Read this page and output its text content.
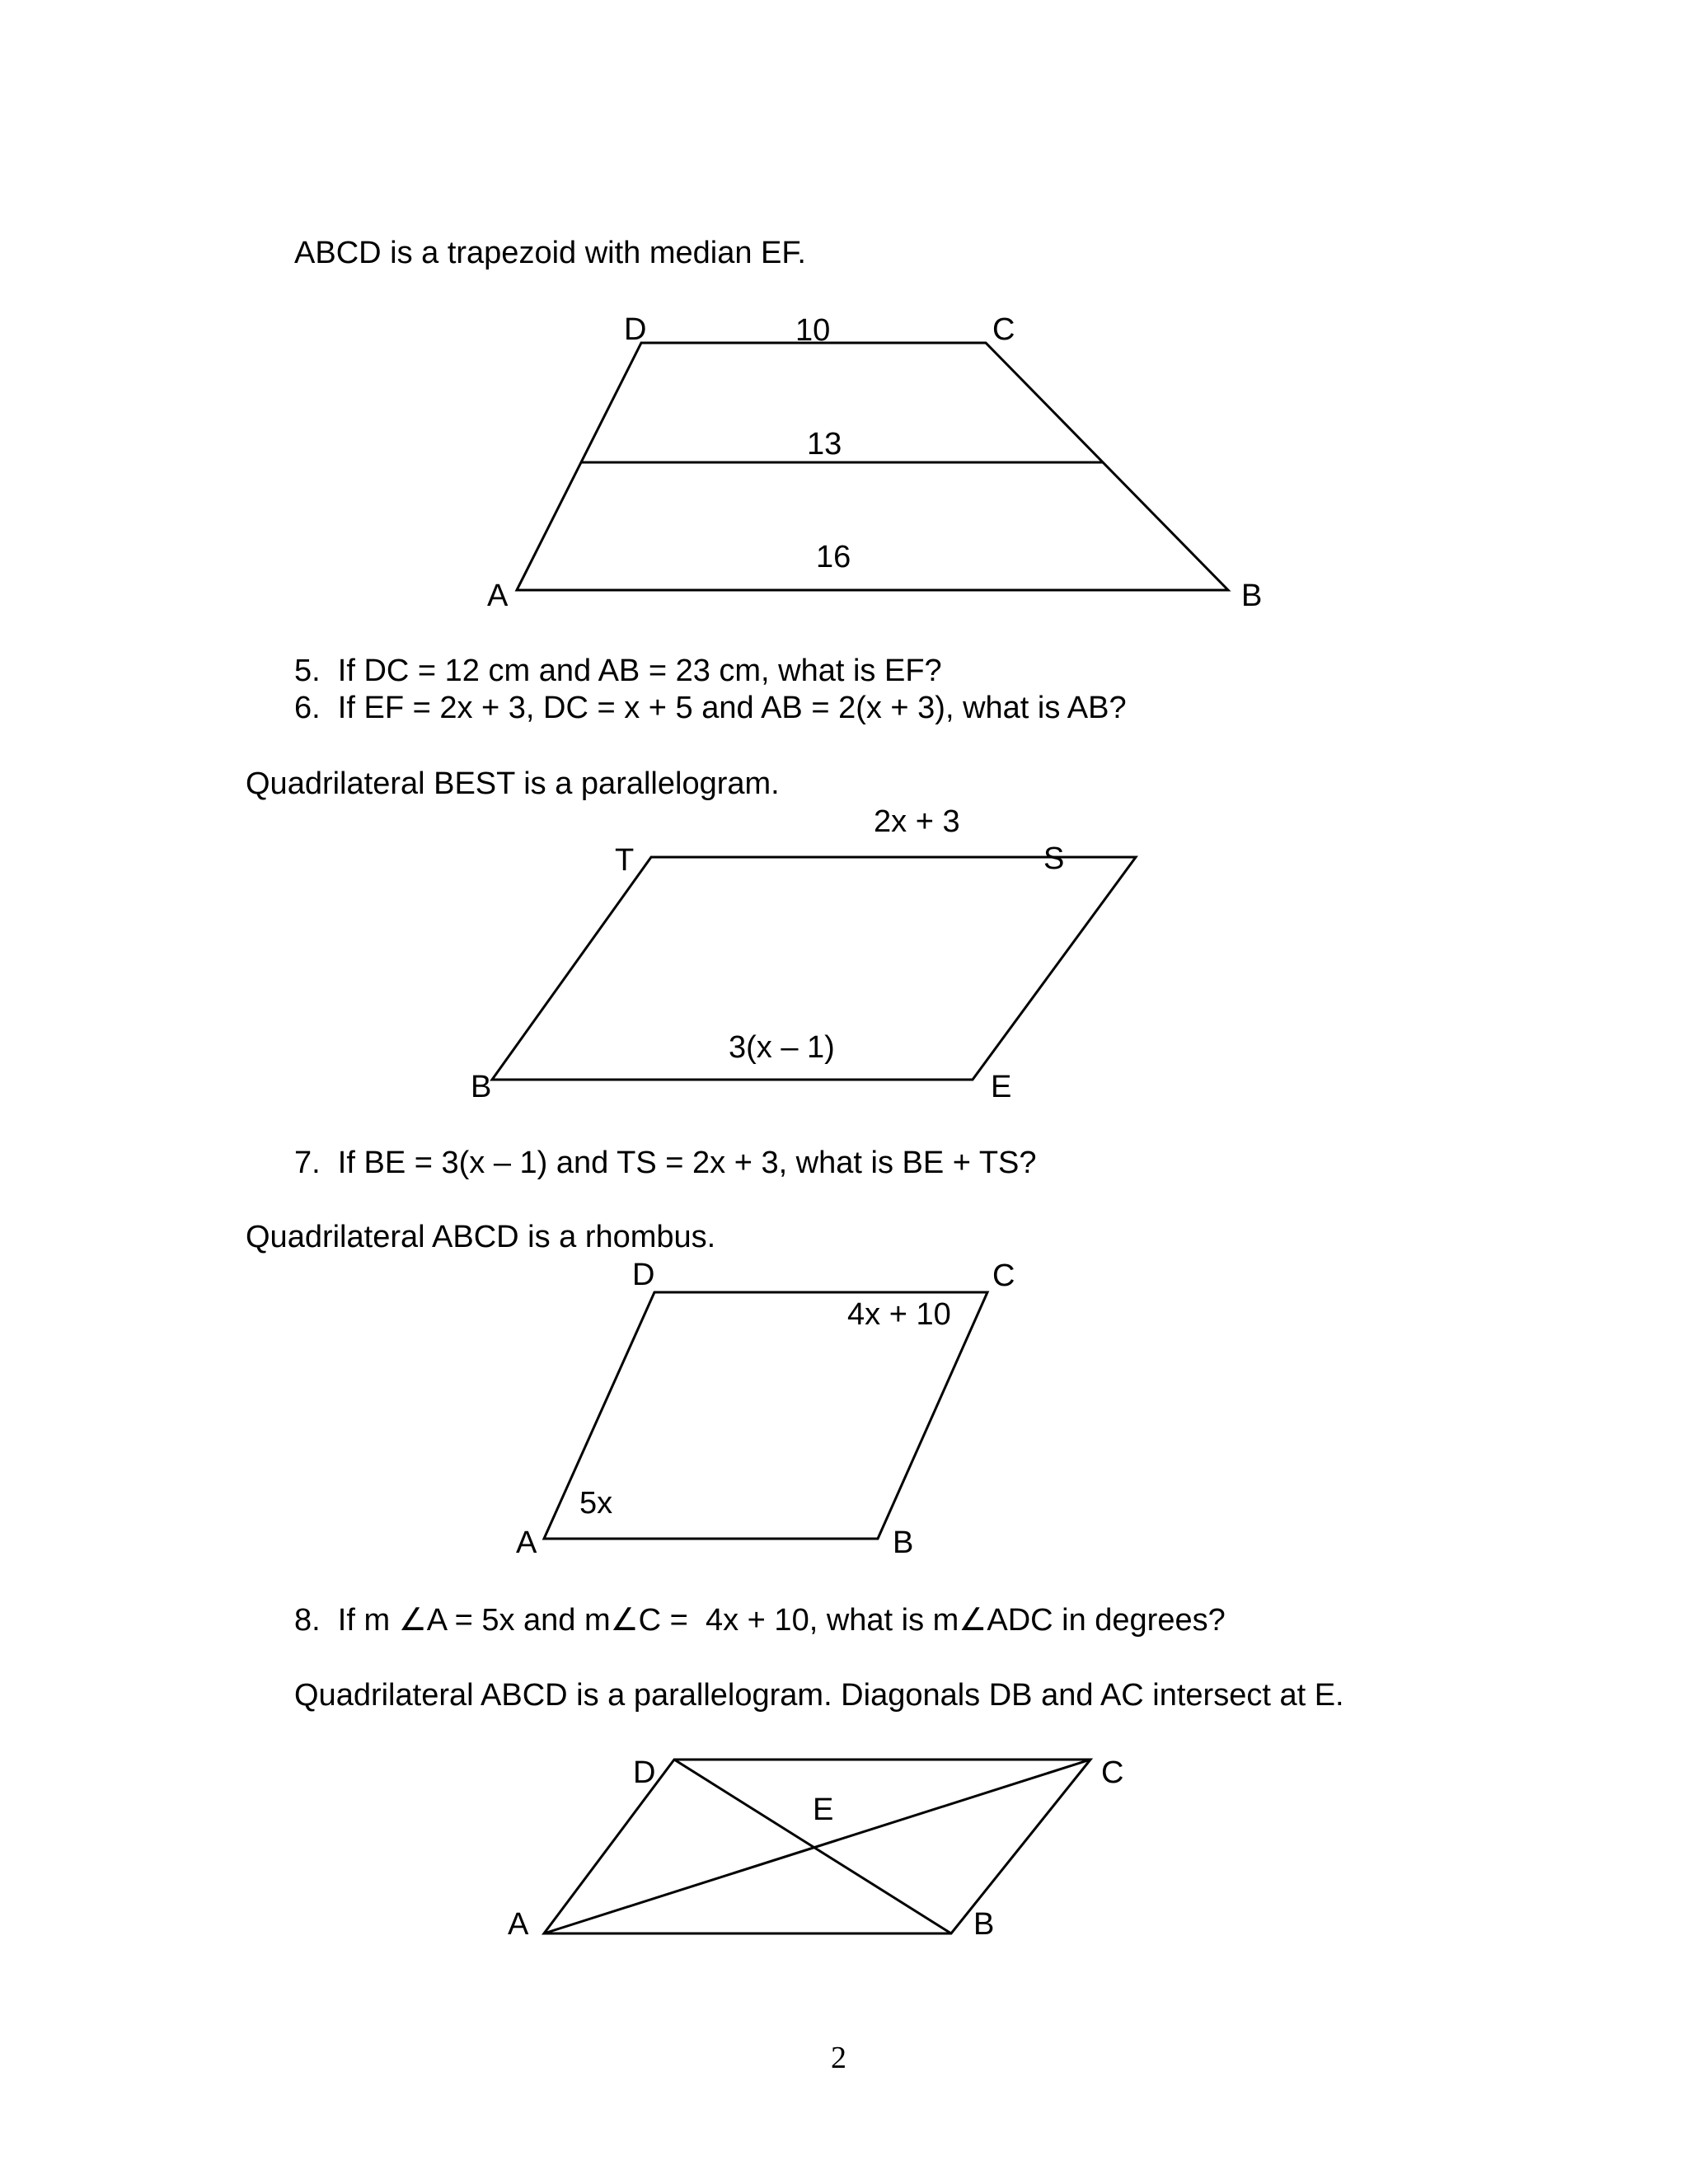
ABCD is a trapezoid with median EF.
D	C
A	B
10
13
16
5.  If DC = 12 cm and AB = 23 cm, what is EF?
6.  If EF = 2x + 3, DC = x + 5 and AB = 2(x + 3), what is AB?
Quadrilateral BEST is a parallelogram.
2x + 3
T	S
3(x – 1)
B	E
7.  If BE = 3(x – 1) and TS = 2x + 3, what is BE + TS?
Quadrilateral ABCD is a rhombus.
D	C
4x + 10
5x
A	B
8.  If m ∠A = 5x and m∠C =  4x + 10, what is m∠ADC in degrees?
Quadrilateral ABCD is a parallelogram. Diagonals DB and AC intersect at E.
D	C
E
A	B
2
